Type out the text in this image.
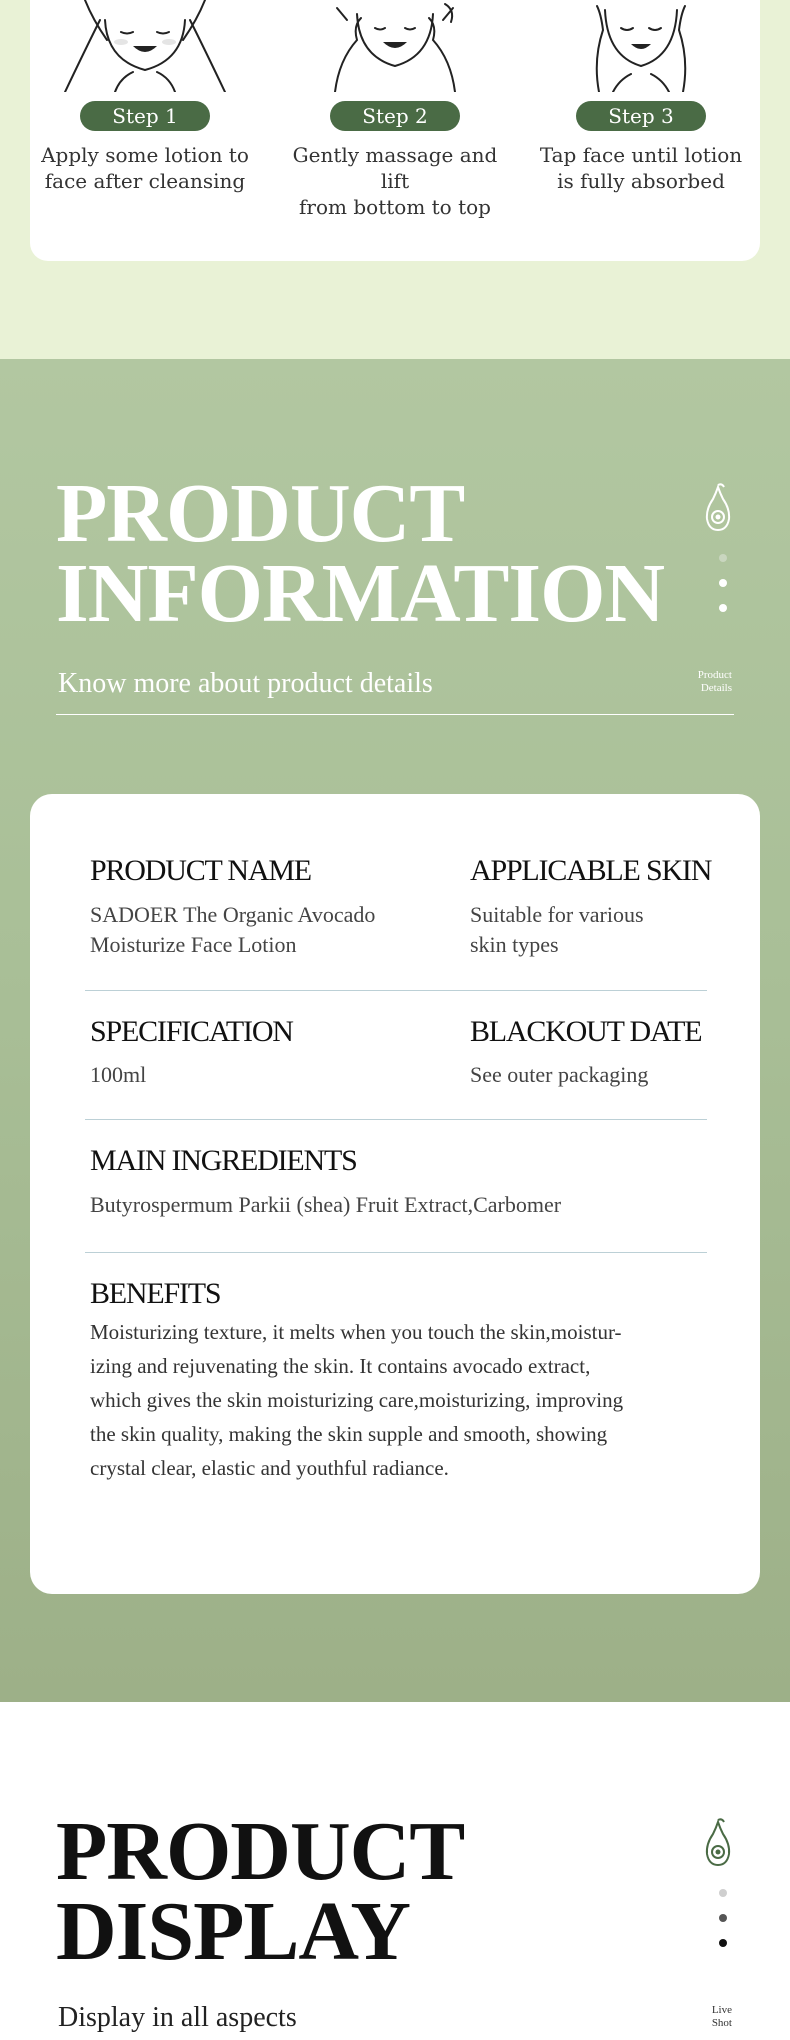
Step 1
Apply some lotion to
face after cleansing
Step 2
Gently massage and lift
from bottom to top
Step 3
Tap face until lotion
is fully absorbed
PRODUCT
INFORMATION
Product
Details
Know more about product details
PRODUCT NAME
SADOER The Organic Avocado
Moisturize Face Lotion
APPLICABLE SKIN
Suitable for various
skin types
SPECIFICATION
100ml
BLACKOUT DATE
See outer packaging
MAIN INGREDIENTS
Butyrospermum Parkii (shea) Fruit Extract,Carbomer
BENEFITS
Moisturizing texture, it melts when you touch the skin,moistur-
izing and rejuvenating the skin. It contains avocado extract,
which gives the skin moisturizing care,moisturizing, improving
the skin quality, making the skin supple and smooth, showing
crystal clear, elastic and youthful radiance.
PRODUCT
DISPLAY
Live
Shot
Display in all aspects
